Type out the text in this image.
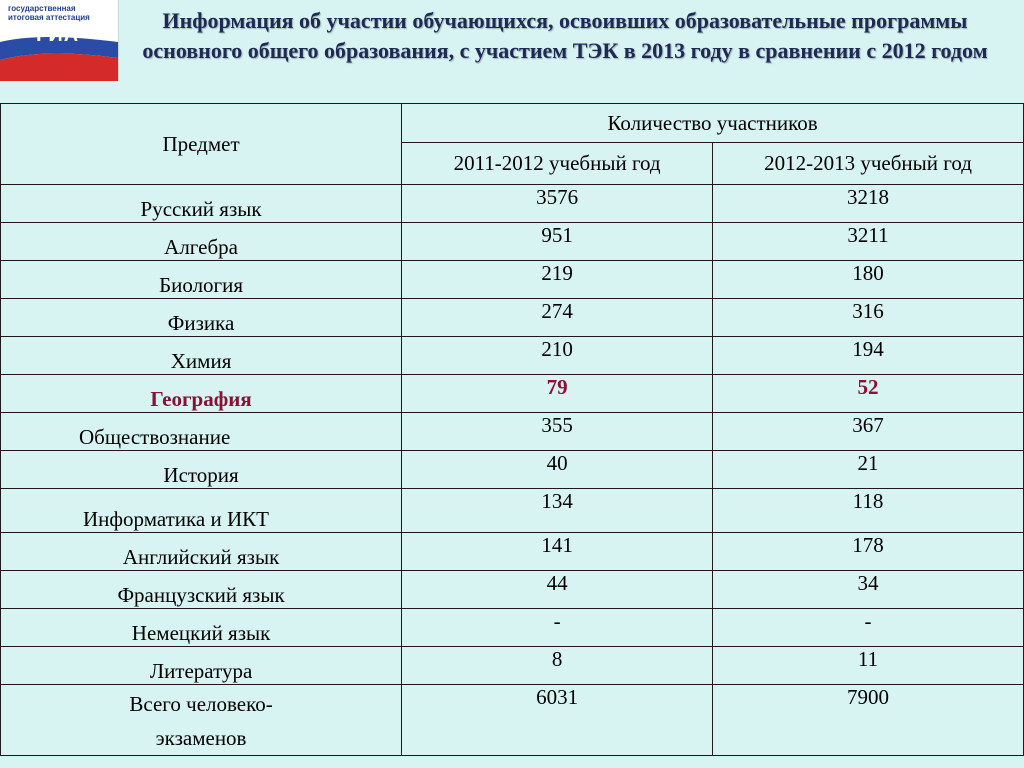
государственная
итоговая аттестация
ГИА
Информация об участии обучающихся, освоивших образовательные программы основного общего образования, с участием ТЭК в 2013 году в сравнении с 2012 годом
Предмет	Количество участников	
	2011-2012 учебный год	2012-2013 учебный год
Русский язык	3576	3218
Алгебра	951	3211
Биология	219	180
Физика	274	316
Химия	210	194
География	79	52
Обществознание	355	367
История	40	21
Информатика и ИКТ	134	118
Английский язык	141	178
Французский язык	44	34
Немецкий язык	-	-
Литература	8	11

Всего человеко-
экзаменов	6031	7900
